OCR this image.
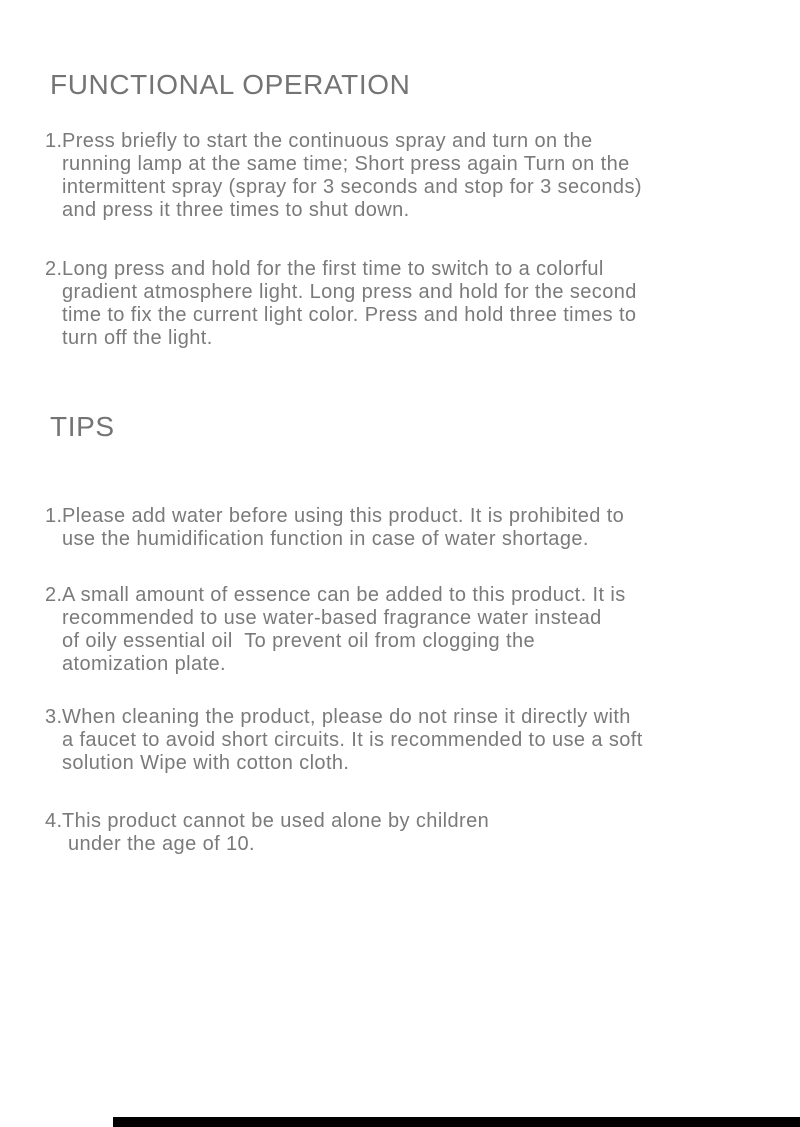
FUNCTIONAL OPERATION
1. Press briefly to start the continuous spray and turn on the
running lamp at the same time; Short press again Turn on the
intermittent spray (spray for 3 seconds and stop for 3 seconds)
and press it three times to shut down.
2. Long press and hold for the first time to switch to a colorful
gradient atmosphere light. Long press and hold for the second
time to fix the current light color. Press and hold three times to
turn off the light.
TIPS
1. Please add water before using this product. It is prohibited to
use the humidification function in case of water shortage.
2. A small amount of essence can be added to this product. It is
recommended to use water-based fragrance water instead
of oily essential oil  To prevent oil from clogging the
atomization plate.
3. When cleaning the product, please do not rinse it directly with
a faucet to avoid short circuits. It is recommended to use a soft
solution Wipe with cotton cloth.
4. This product cannot be used alone by children
under the age of 10.
